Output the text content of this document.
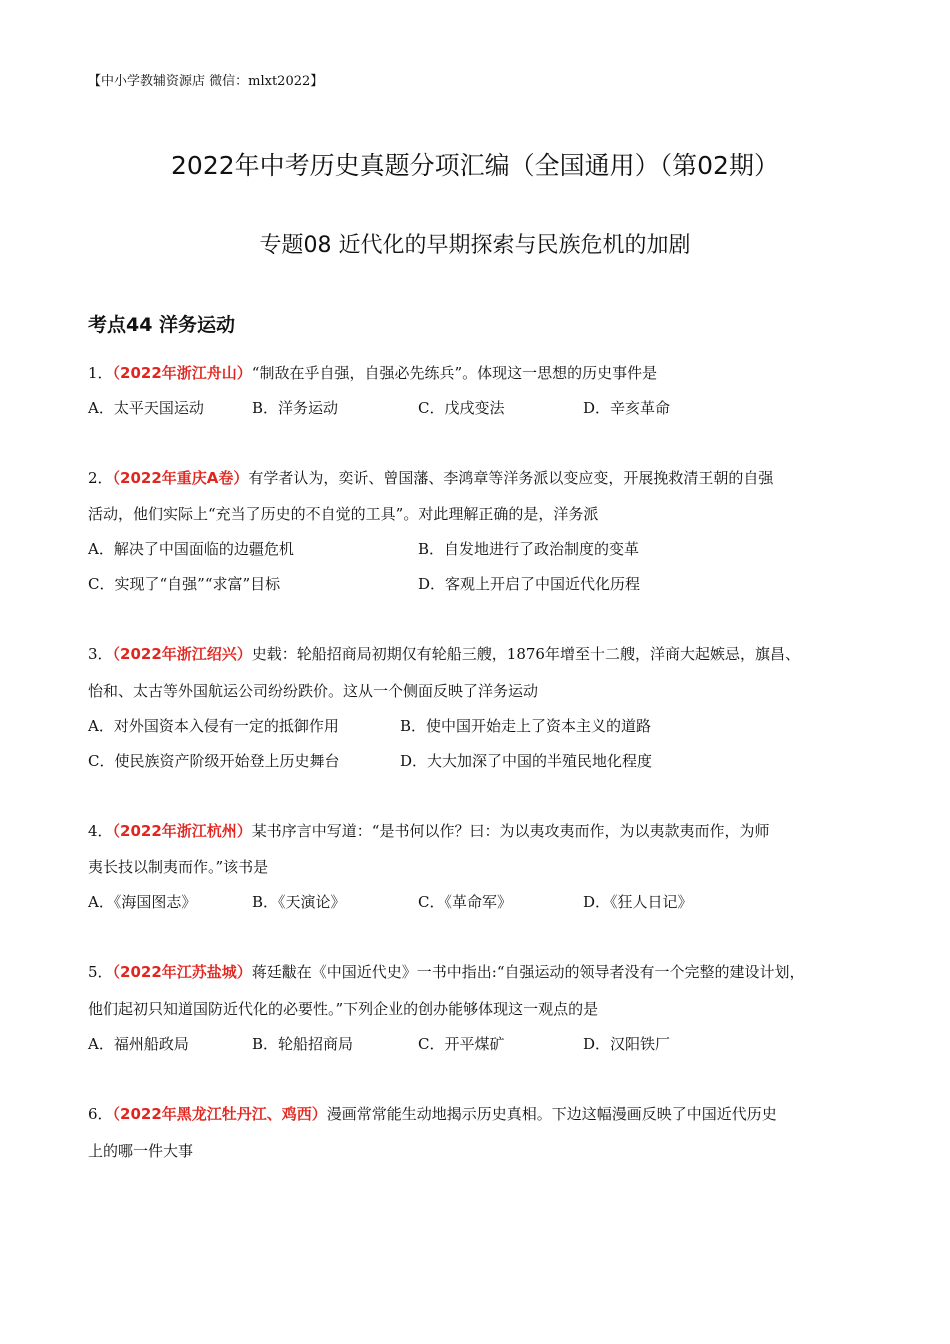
【中小学教辅资源店 微信：mlxt2022】
2022年中考历史真题分项汇编（全国通用）（第02期）
专题08 近代化的早期探索与民族危机的加剧
考点44 洋务运动
1．（2022年浙江舟山）“制敌在乎自强，自强必先练兵”。体现这一思想的历史事件是
A．太平天国运动	B．洋务运动	C．戊戌变法	D．辛亥革命
2．（2022年重庆A卷）有学者认为，奕䜣、曾国藩、李鸿章等洋务派以变应变，开展挽救清王朝的自强
活动，他们实际上“充当了历史的不自觉的工具”。对此理解正确的是，洋务派
A．解决了中国面临的边疆危机	B．自发地进行了政治制度的变革
C．实现了“自强”“求富”目标	D．客观上开启了中国近代化历程
3．（2022年浙江绍兴）史载：轮船招商局初期仅有轮船三艘，1876年增至十二艘，洋商大起嫉忌，旗昌、
怡和、太古等外国航运公司纷纷跌价。这从一个侧面反映了洋务运动
A．对外国资本入侵有一定的抵御作用	B．使中国开始走上了资本主义的道路
C．使民族资产阶级开始登上历史舞台	D．大大加深了中国的半殖民地化程度
4．（2022年浙江杭州）某书序言中写道：“是书何以作？曰：为以夷攻夷而作，为以夷款夷而作，为师
夷长技以制夷而作。”该书是
A．《海国图志》	B．《天演论》	C．《革命军》	D．《狂人日记》
5．（2022年江苏盐城）蒋廷黻在《中国近代史》一书中指出:“自强运动的领导者没有一个完整的建设计划，
他们起初只知道国防近代化的必要性。”下列企业的创办能够体现这一观点的是
A．福州船政局	B．轮船招商局	C．开平煤矿	D．汉阳铁厂
6．（2022年黑龙江牡丹江、鸡西）漫画常常能生动地揭示历史真相。下边这幅漫画反映了中国近代历史
上的哪一件大事
